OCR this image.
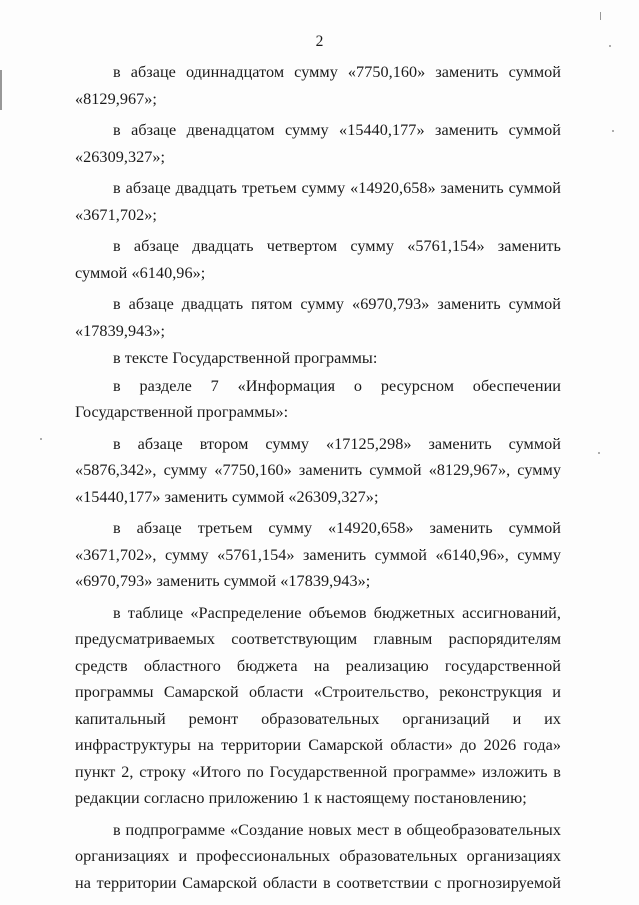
2

в абзаце одиннадцатом сумму «7750,160» заменить суммой «8129,967»;

в абзаце двенадцатом сумму «15440,177» заменить суммой «26309,327»;

в абзаце двадцать третьем сумму «14920,658» заменить суммой «3671,702»;

в абзаце двадцать четвертом сумму «5761,154» заменить суммой «6140,96»;

в абзаце двадцать пятом сумму «6970,793» заменить суммой «17839,943»;

в тексте Государственной программы:

в разделе 7 «Информация о ресурсном обеспечении Государственной программы»:

в абзаце втором сумму «17125,298» заменить суммой «5876,342», сумму «7750,160» заменить суммой «8129,967», сумму «15440,177» заменить суммой «26309,327»;

в абзаце третьем сумму «14920,658» заменить суммой «3671,702», сумму «5761,154» заменить суммой «6140,96», сумму «6970,793» заменить суммой «17839,943»;

в таблице «Распределение объемов бюджетных ассигнований, предусматриваемых соответствующим главным распорядителям средств областного бюджета на реализацию государственной программы Самарской области «Строительство, реконструкция и капитальный ремонт образовательных организаций и их инфраструктуры на территории Самарской области» до 2026 года» пункт 2, строку «Итого по Государственной программе» изложить в редакции согласно приложению 1 к настоящему постановлению;

в подпрограмме «Создание новых мест в общеобразовательных организациях и профессиональных образовательных организациях на территории Самарской области в соответствии с прогнозируемой
